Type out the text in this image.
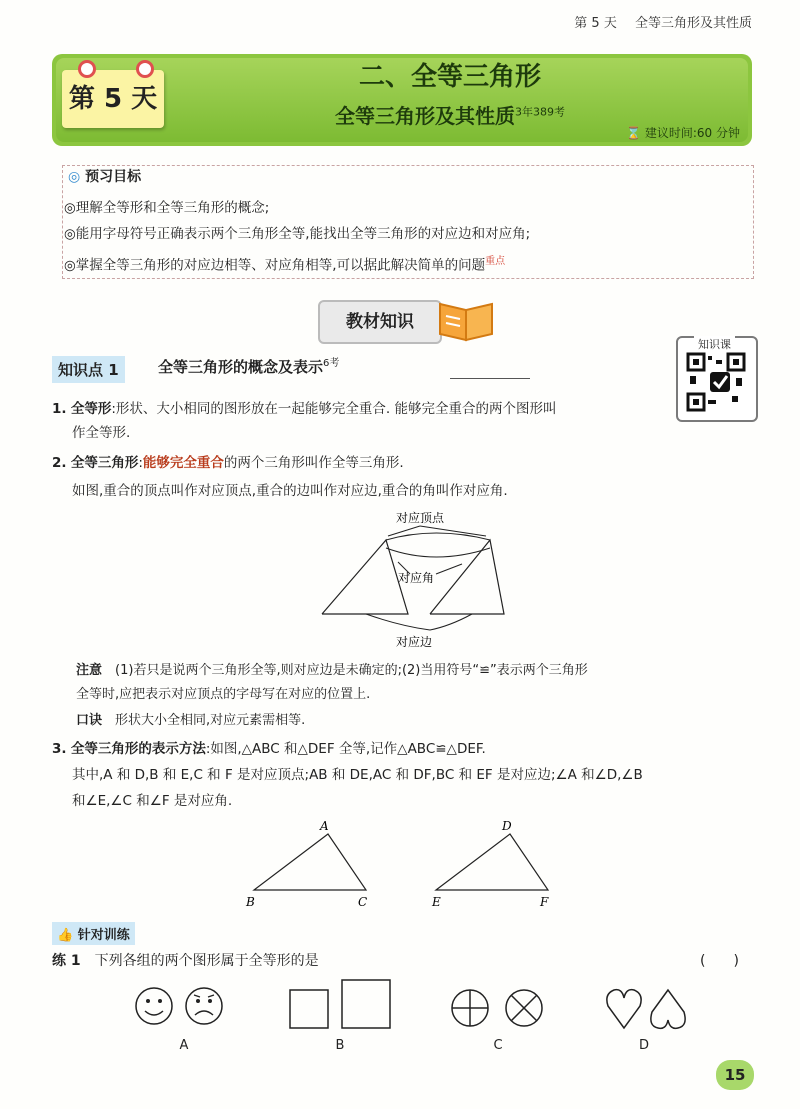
第 5 天 全等三角形及其性质
第 5 天
二、全等三角形
全等三角形及其性质$^{3年389考}$
⌛ 建议时间:60 分钟
◎ 预习目标
◎理解全等形和全等三角形的概念;
◎能用字母符号正确表示两个三角形全等,能找出全等三角形的对应边和对应角;
◎掌握全等三角形的对应边相等、对应角相等,可以据此解决简单的问题$^{重点}$
教材知识
知识点 1	全等三角形的概念及表示$^{6考}$
知识课
1. 全等形:形状、大小相同的图形放在一起能够完全重合. 能够完全重合的两个图形叫
作全等形.
2. 全等三角形:能够完全重合的两个三角形叫作全等三角形.
如图,重合的顶点叫作对应顶点,重合的边叫作对应边,重合的角叫作对应角.
对应顶点
对应角
对应边
注意　 (1)若只是说两个三角形全等,则对应边是未确定的;(2)当用符号“≌”表示两个三角形
全等时,应把表示对应顶点的字母写在对应的位置上.
口诀　 形状大小全相同,对应元素需相等.
3. 全等三角形的表示方法:如图,△ABC 和△DEF 全等,记作△ABC≌△DEF.
其中,A 和 D,B 和 E,C 和 F 是对应顶点;AB 和 DE,AC 和 DF,BC 和 EF 是对应边;∠A 和∠D,∠B
和∠E,∠C 和∠F 是对应角.
A
B	C
D
E	F
👍 针对训练
练 1　 下列各组的两个图形属于全等形的是	(　　)
A	B	C	D
15
